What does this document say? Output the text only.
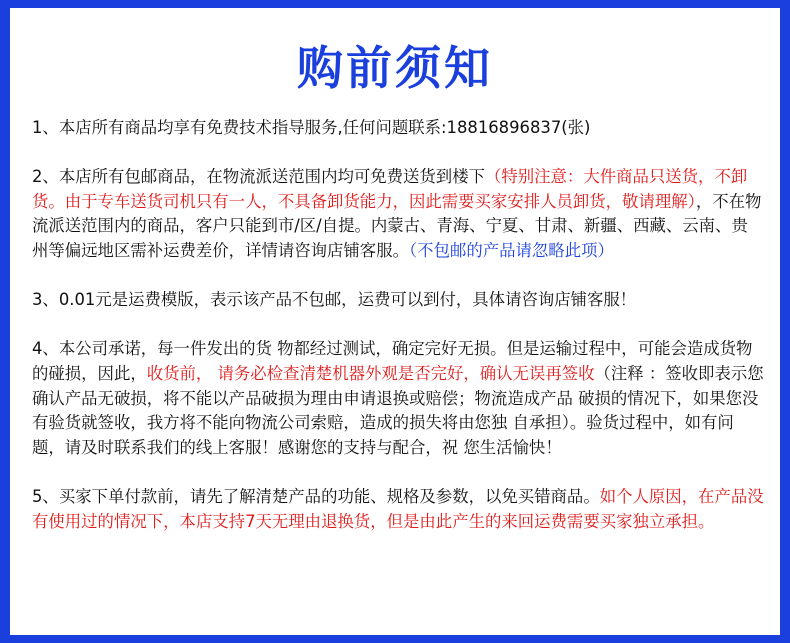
购前须知

1、本店所有商品均享有免费技术指导服务,任何问题联系:18816896837(张)

2、本店所有包邮商品，在物流派送范围内均可免费送货到楼下（特别注意：大件商品只送货，不卸货。由于专车送货司机只有一人，不具备卸货能力，因此需要买家安排人员卸货，敬请理解），不在物流派送范围内的商品，客户只能到市/区/自提。内蒙古、青海、宁夏、甘肃、新疆、西藏、云南、贵州等偏远地区需补运费差价，详情请咨询店铺客服。（不包邮的产品请忽略此项）

3、0.01元是运费模版，表示该产品不包邮，运费可以到付，具体请咨询店铺客服！

4、本公司承诺，每一件发出的货 物都经过测试，确定完好无损。但是运输过程中，可能会造成货物的碰损，因此，收货前， 请务必检查清楚机器外观是否完好，确认无误再签收（注释 ：签收即表示您确认产品无破损，将不能以产品破损为理由申请退换或赔偿；物流造成产品 破损的情况下，如果您没有验货就签收，我方将不能向物流公司索赔，造成的损失将由您独 自承担）。验货过程中，如有问题，请及时联系我们的线上客服！感谢您的支持与配合，祝 您生活愉快！

5、买家下单付款前，请先了解清楚产品的功能、规格及参数，以免买错商品。如个人原因，在产品没有使用过的情况下，本店支持7天无理由退换货，但是由此产生的来回运费需要买家独立承担。
